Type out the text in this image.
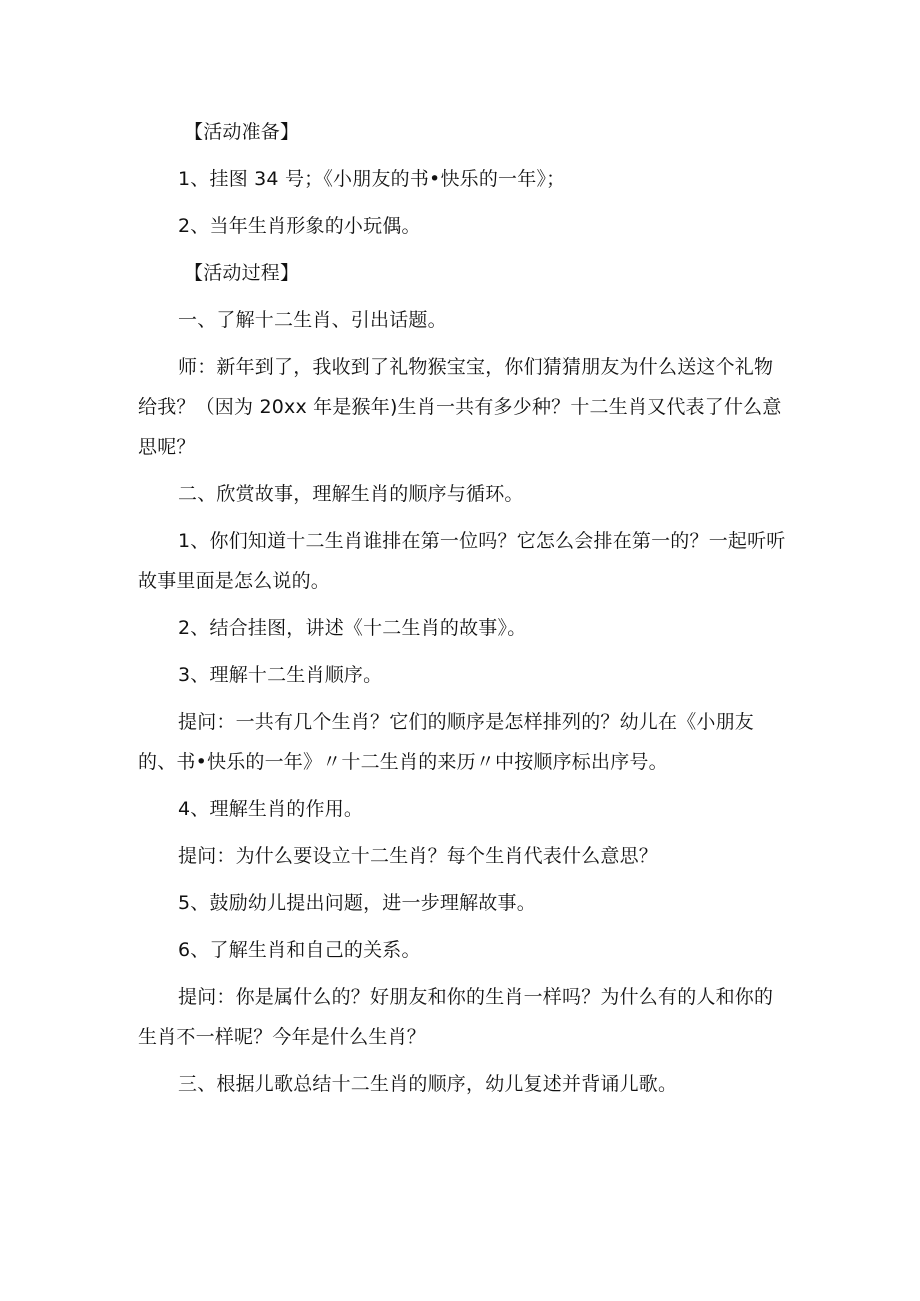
【活动准备】

1、挂图 34 号；《小朋友的书•快乐的一年》；

2、当年生肖形象的小玩偶。

【活动过程】

一、了解十二生肖、引出话题。

师：新年到了，我收到了礼物猴宝宝，你们猜猜朋友为什么送这个礼物给我？（因为 20xx 年是猴年)生肖一共有多少种？十二生肖又代表了什么意思呢？

二、欣赏故事，理解生肖的顺序与循环。

1、你们知道十二生肖谁排在第一位吗？它怎么会排在第一的？一起听听故事里面是怎么说的。

2、结合挂图，讲述《十二生肖的故事》。

3、理解十二生肖顺序。

提问：一共有几个生肖？它们的顺序是怎样排列的？幼儿在《小朋友的、书•快乐的一年》〃十二生肖的来历〃中按顺序标出序号。

4、理解生肖的作用。

提问：为什么要设立十二生肖？每个生肖代表什么意思？

5、鼓励幼儿提出问题，进一步理解故事。

6、了解生肖和自己的关系。

提问：你是属什么的？好朋友和你的生肖一样吗？为什么有的人和你的生肖不一样呢？今年是什么生肖？

三、根据儿歌总结十二生肖的顺序，幼儿复述并背诵儿歌。
